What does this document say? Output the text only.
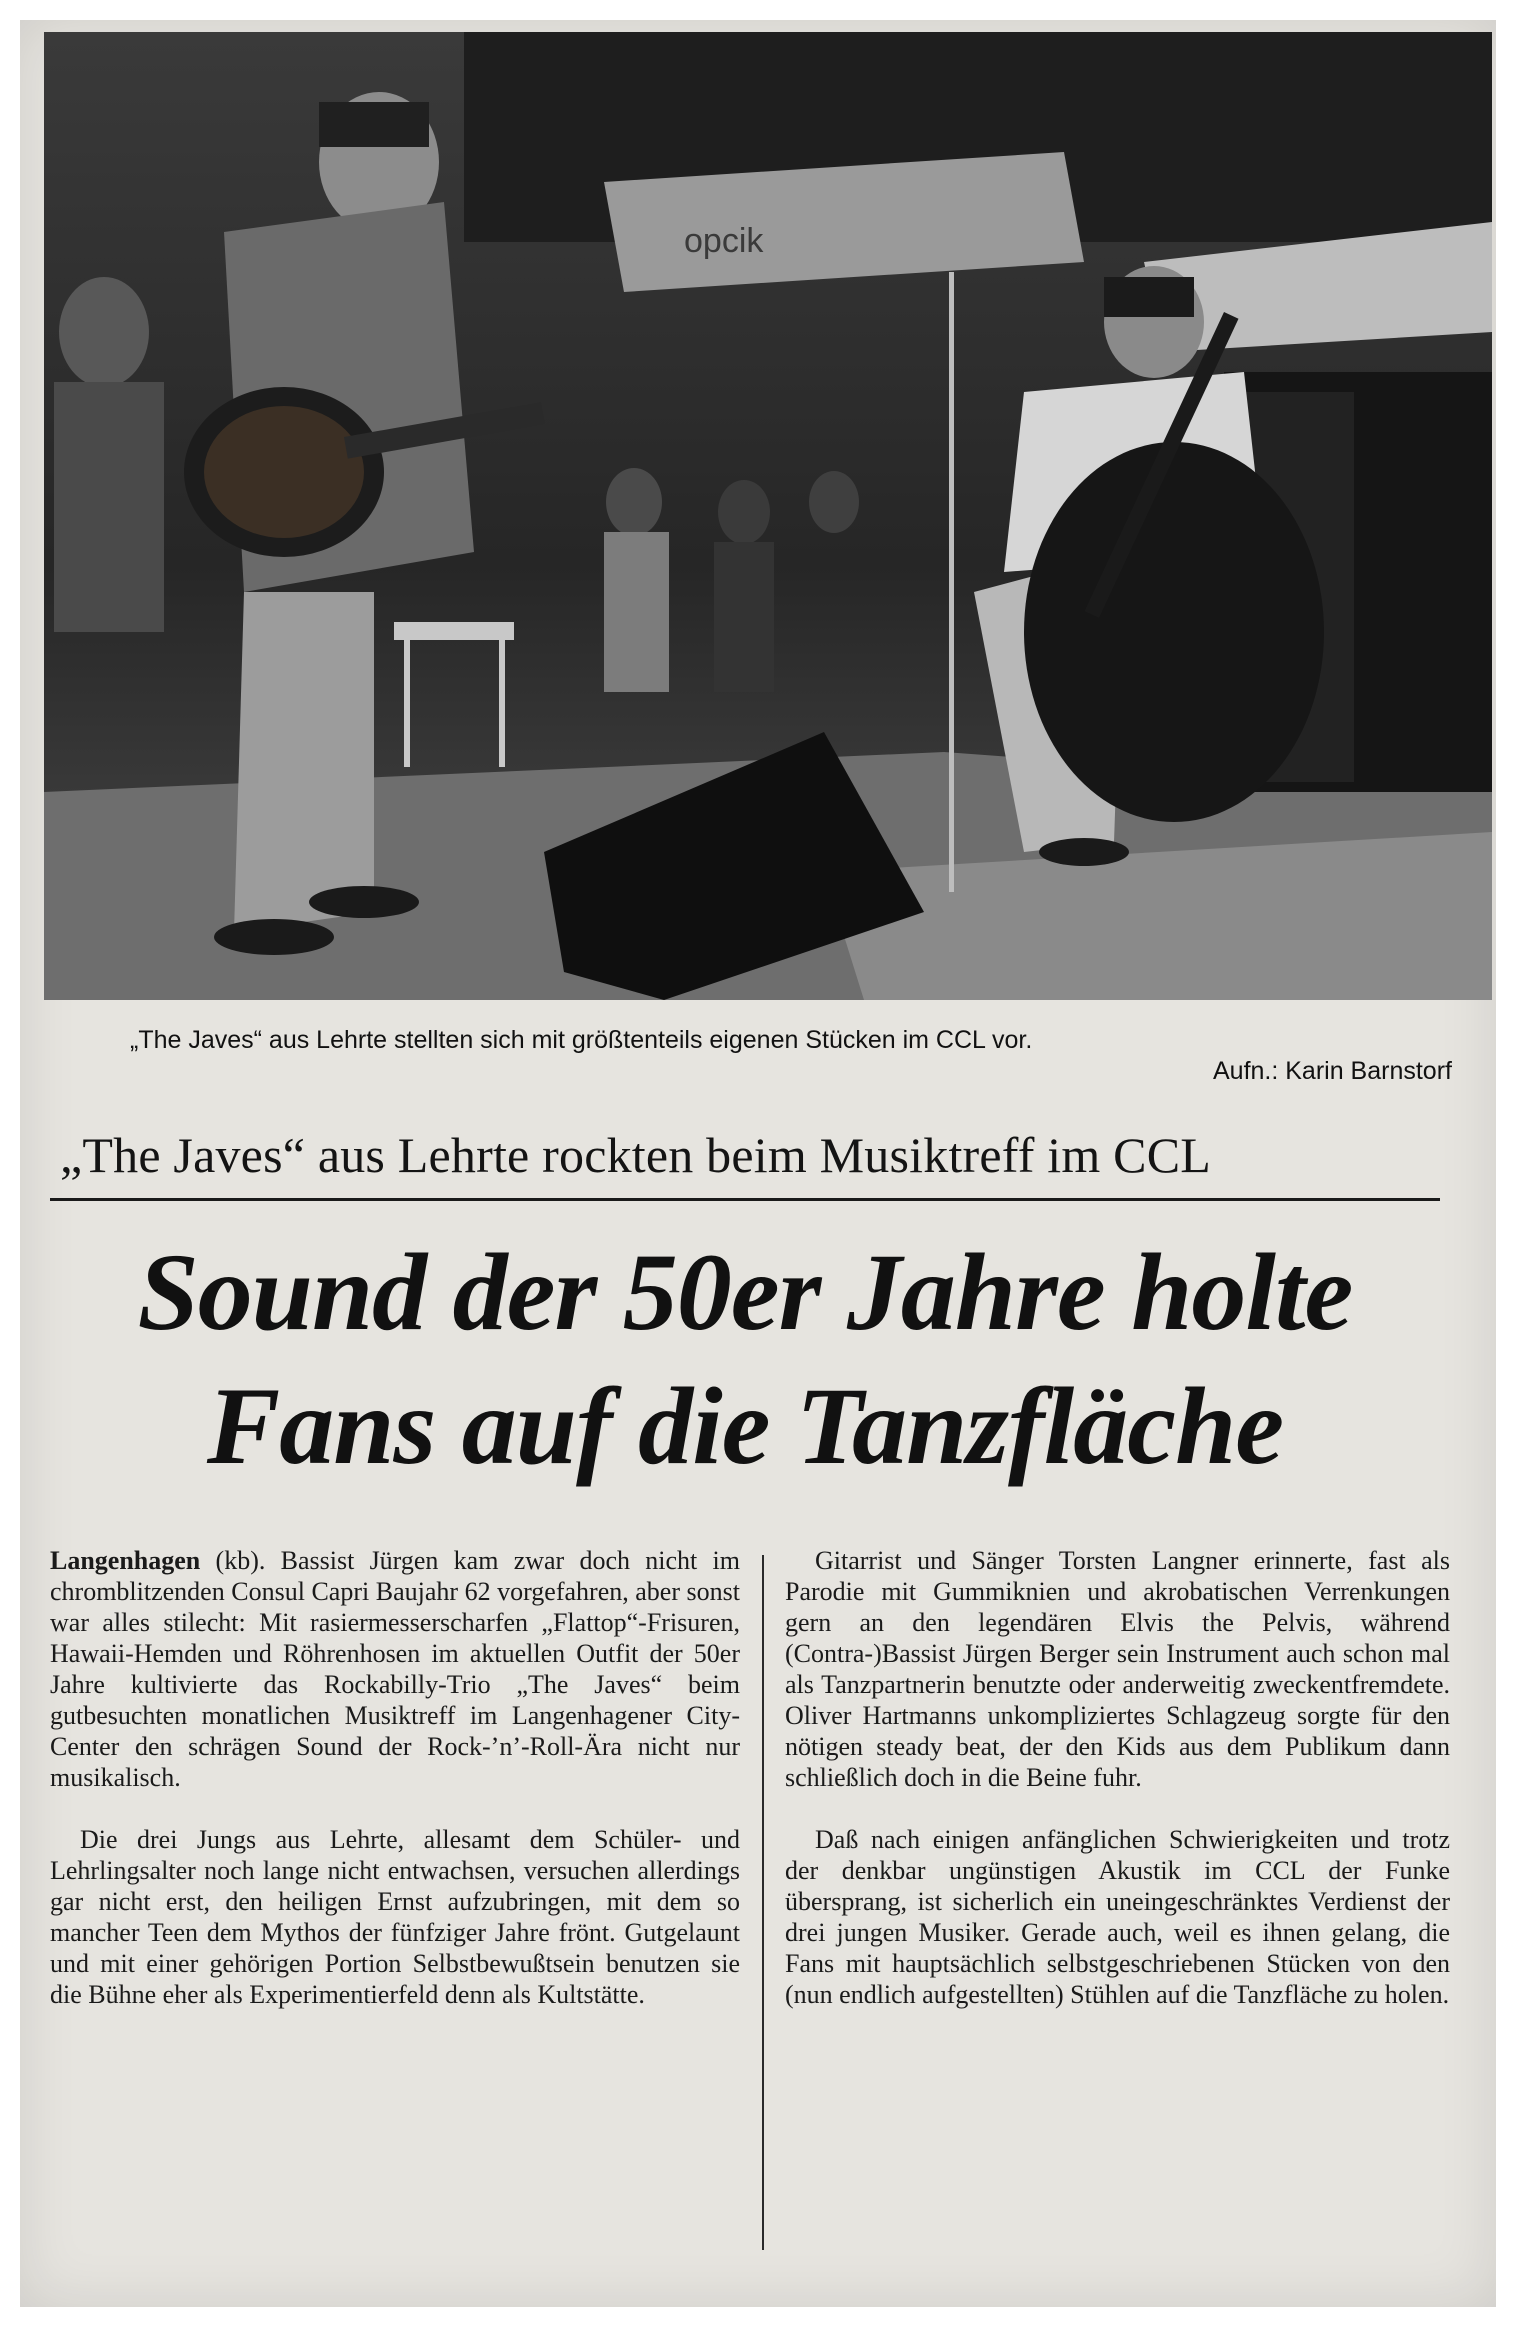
opcik
„The Javes“ aus Lehrte stellten sich mit größtenteils eigenen Stücken im CCL vor.
Aufn.: Karin Barnstorf
„The Javes“ aus Lehrte rockten beim Musiktreff im CCL
Sound der 50er Jahre holte
Fans auf die Tanzfläche

Langenhagen (kb). Bassist Jürgen kam zwar doch nicht im chromblitzenden Consul Capri Baujahr 62 vorgefahren, aber sonst war alles stilecht: Mit rasiermesserscharfen „Flattop“-Frisuren, Hawaii-Hemden und Röhrenhosen im aktuellen Outfit der 50er Jahre kultivierte das Rockabilly-Trio „The Javes“ beim gutbesuchten monatlichen Musiktreff im Langenhagener City-Center den schrägen Sound der Rock-’n’-Roll-Ära nicht nur musikalisch.

Die drei Jungs aus Lehrte, allesamt dem Schüler- und Lehrlingsalter noch lange nicht entwachsen, versuchen allerdings gar nicht erst, den heiligen Ernst aufzubringen, mit dem so mancher Teen dem Mythos der fünfziger Jahre frönt. Gutgelaunt und mit einer gehörigen Portion Selbstbewußtsein benutzen sie die Bühne eher als Experimentierfeld denn als Kultstätte.

Gitarrist und Sänger Torsten Langner erinnerte, fast als Parodie mit Gummiknien und akrobatischen Verrenkungen gern an den legendären Elvis the Pelvis, während (Contra-)Bassist Jürgen Berger sein Instrument auch schon mal als Tanzpartnerin benutzte oder anderweitig zweckentfremdete. Oliver Hartmanns unkompliziertes Schlagzeug sorgte für den nötigen steady beat, der den Kids aus dem Publikum dann schließlich doch in die Beine fuhr.

Daß nach einigen anfänglichen Schwierigkeiten und trotz der denkbar ungünstigen Akustik im CCL der Funke übersprang, ist sicherlich ein uneingeschränktes Verdienst der drei jungen Musiker. Gerade auch, weil es ihnen gelang, die Fans mit hauptsächlich selbstgeschriebenen Stücken von den (nun endlich aufgestellten) Stühlen auf die Tanzfläche zu holen.
